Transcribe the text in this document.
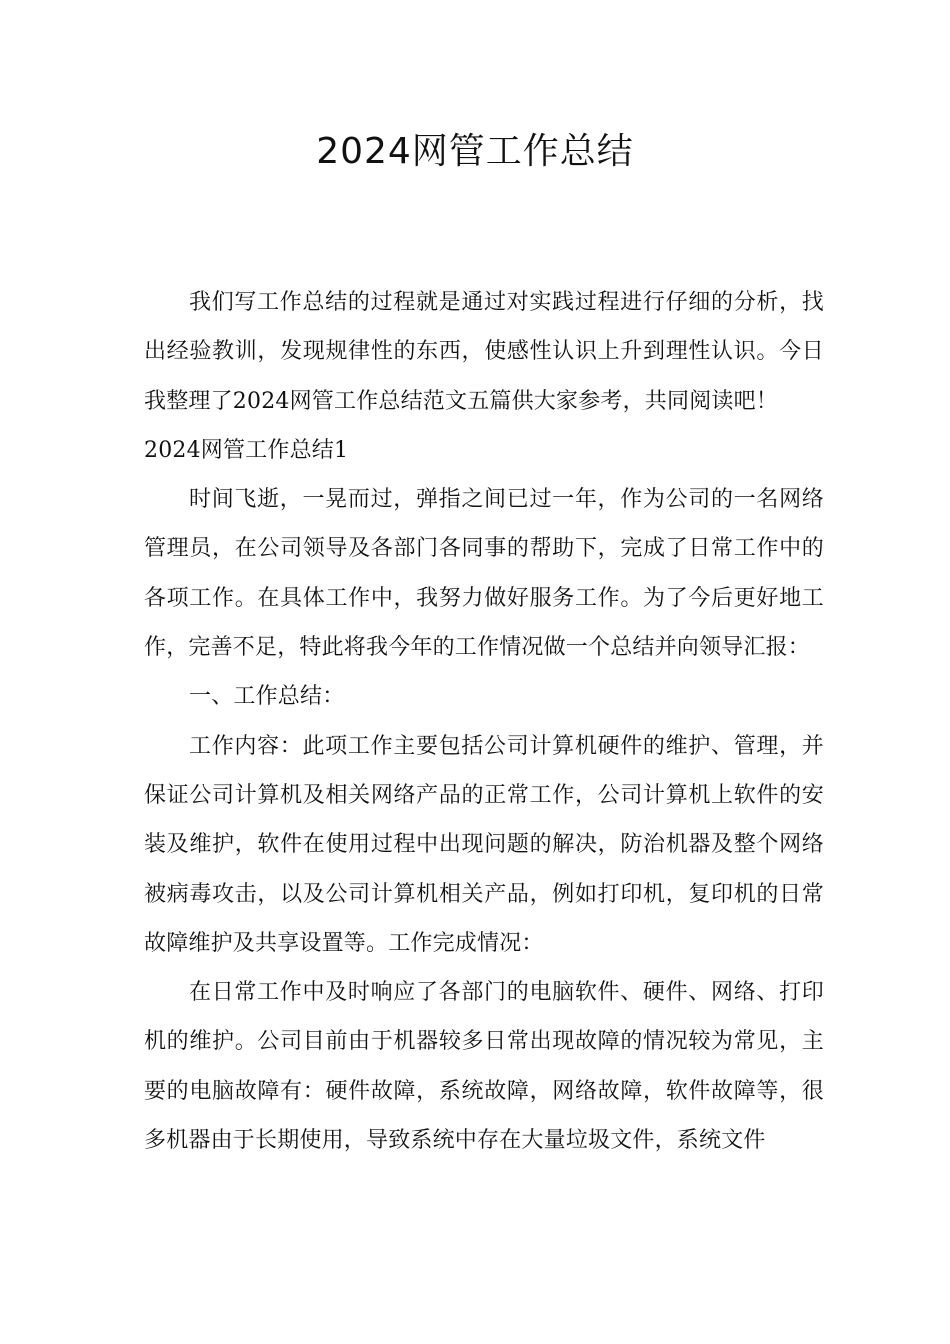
2024网管工作总结

我们写工作总结的过程就是通过对实践过程进行仔细的分析，找出经验教训，发现规律性的东西，使感性认识上升到理性认识。今日我整理了2024网管工作总结范文五篇供大家参考，共同阅读吧！

2024网管工作总结1

时间飞逝，一晃而过，弹指之间已过一年，作为公司的一名网络管理员，在公司领导及各部门各同事的帮助下，完成了日常工作中的各项工作。在具体工作中，我努力做好服务工作。为了今后更好地工作，完善不足，特此将我今年的工作情况做一个总结并向领导汇报：

一、工作总结：

工作内容：此项工作主要包括公司计算机硬件的维护、管理，并保证公司计算机及相关网络产品的正常工作，公司计算机上软件的安装及维护，软件在使用过程中出现问题的解决，防治机器及整个网络被病毒攻击，以及公司计算机相关产品，例如打印机，复印机的日常故障维护及共享设置等。工作完成情况：

在日常工作中及时响应了各部门的电脑软件、硬件、网络、打印机的维护。公司目前由于机器较多日常出现故障的情况较为常见，主要的电脑故障有：硬件故障，系统故障，网络故障，软件故障等，很多机器由于长期使用，导致系统中存在大量垃圾文件，系统文件
